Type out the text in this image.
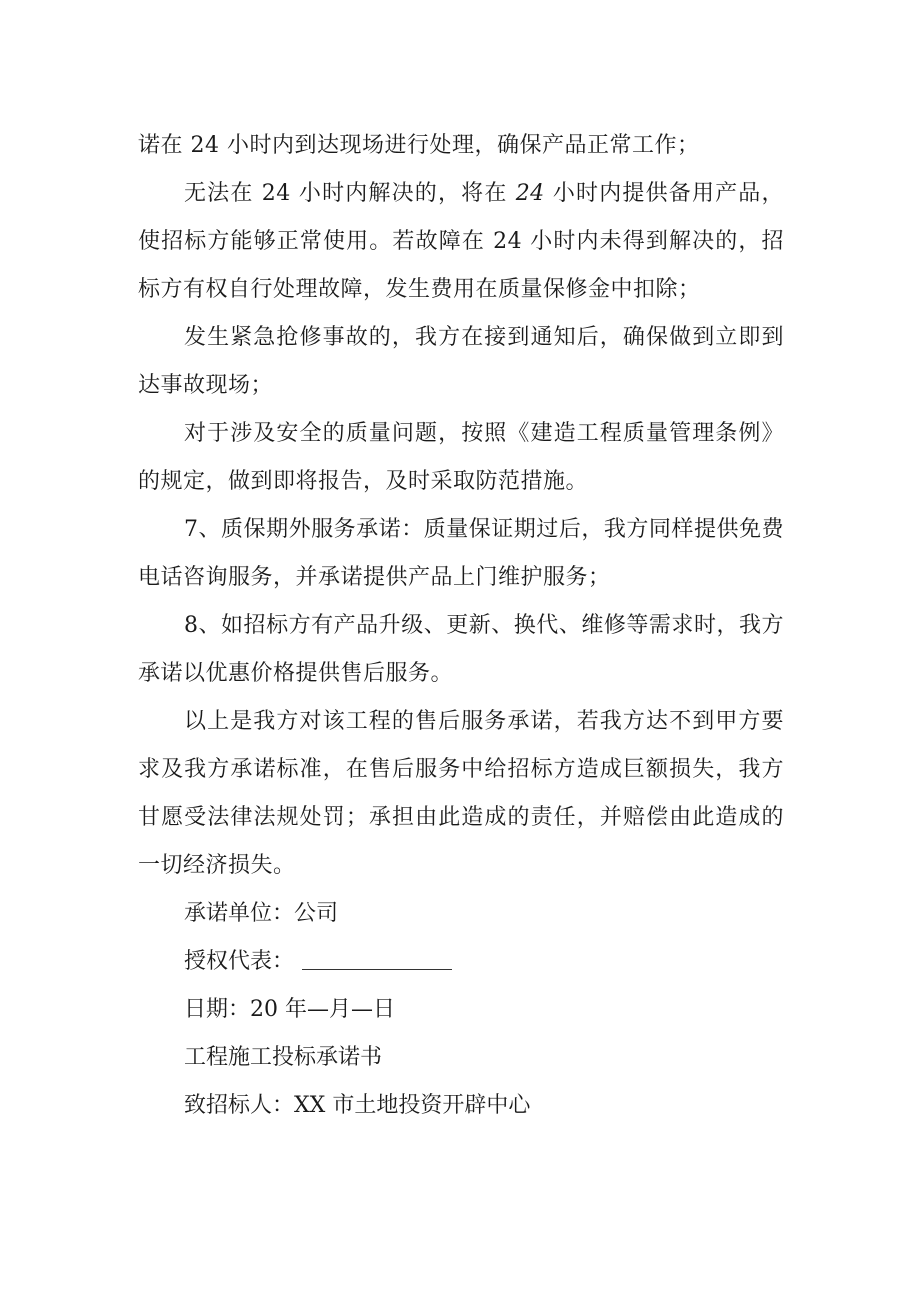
诺在 24 小时内到达现场进行处理，确保产品正常工作；

无法在 24 小时内解决的，将在 24 小时内提供备用产品，使招标方能够正常使用。若故障在 24 小时内未得到解决的，招标方有权自行处理故障，发生费用在质量保修金中扣除；

发生紧急抢修事故的，我方在接到通知后，确保做到立即到达事故现场；

对于涉及安全的质量问题，按照《建造工程质量管理条例》的规定，做到即将报告，及时采取防范措施。

7、质保期外服务承诺：质量保证期过后，我方同样提供免费电话咨询服务，并承诺提供产品上门维护服务；

8、如招标方有产品升级、更新、换代、维修等需求时，我方承诺以优惠价格提供售后服务。

以上是我方对该工程的售后服务承诺，若我方达不到甲方要求及我方承诺标准，在售后服务中给招标方造成巨额损失，我方甘愿受法律法规处罚；承担由此造成的责任，并赔偿由此造成的一切经济损失。

承诺单位：公司

授权代表：

日期：20 年—月—日

工程施工投标承诺书

致招标人：XX 市土地投资开辟中心
